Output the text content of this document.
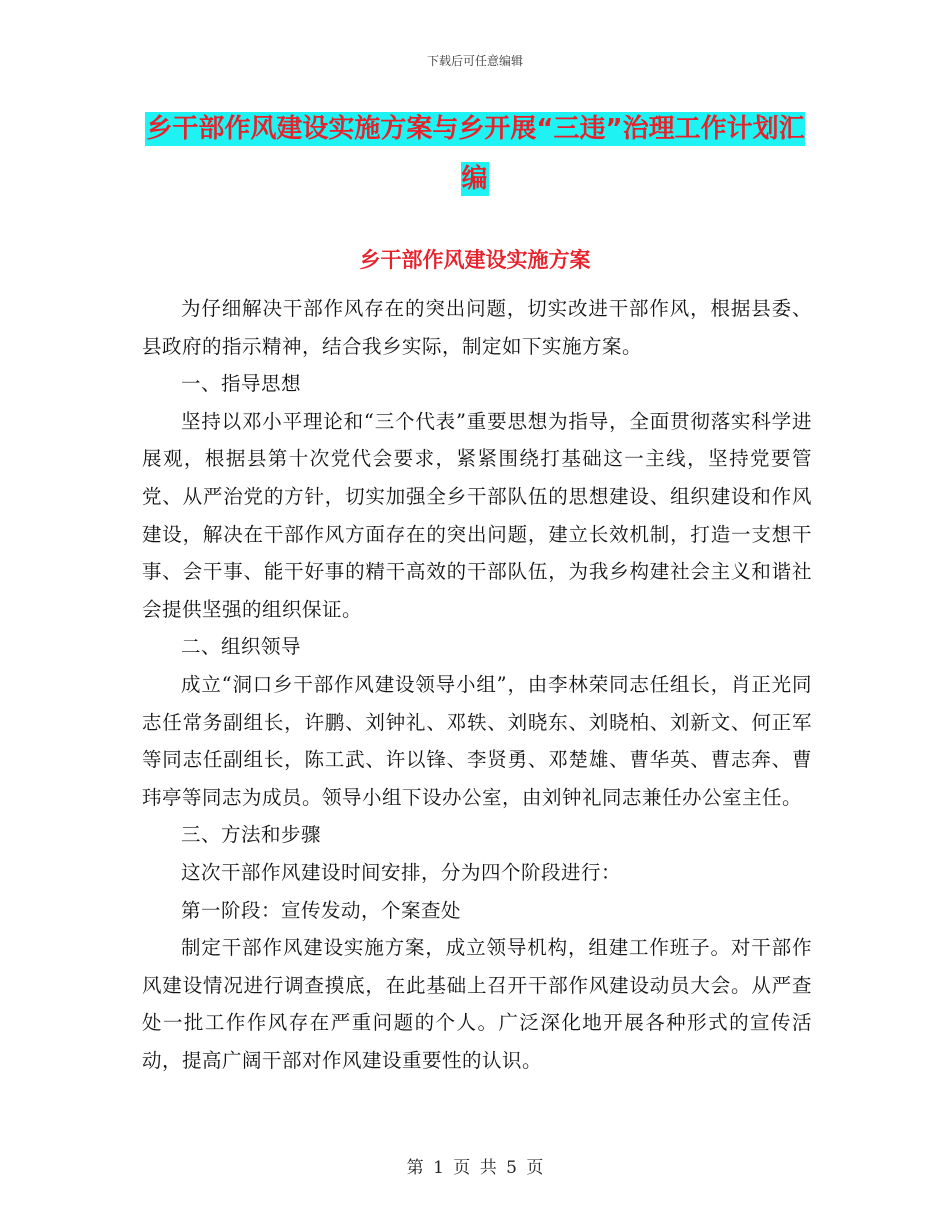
下载后可任意编辑
乡干部作风建设实施方案与乡开展“三违”治理工作计划汇编
乡干部作风建设实施方案

为仔细解决干部作风存在的突出问题，切实改进干部作风，根据县委、县政府的指示精神，结合我乡实际，制定如下实施方案。

一、指导思想

坚持以邓小平理论和“三个代表”重要思想为指导，全面贯彻落实科学进展观，根据县第十次党代会要求，紧紧围绕打基础这一主线，坚持党要管党、从严治党的方针，切实加强全乡干部队伍的思想建设、组织建设和作风建设，解决在干部作风方面存在的突出问题，建立长效机制，打造一支想干事、会干事、能干好事的精干高效的干部队伍，为我乡构建社会主义和谐社会提供坚强的组织保证。

二、组织领导

成立“洞口乡干部作风建设领导小组”，由李林荣同志任组长，肖正光同志任常务副组长，许鹏、刘钟礼、邓轶、刘晓东、刘晓柏、刘新文、何正军等同志任副组长，陈工武、许以锋、李贤勇、邓楚雄、曹华英、曹志奔、曹玮亭等同志为成员。领导小组下设办公室，由刘钟礼同志兼任办公室主任。

三、方法和步骤

这次干部作风建设时间安排，分为四个阶段进行：

第一阶段：宣传发动，个案查处

制定干部作风建设实施方案，成立领导机构，组建工作班子。对干部作风建设情况进行调查摸底，在此基础上召开干部作风建设动员大会。从严查处一批工作作风存在严重问题的个人。广泛深化地开展各种形式的宣传活动，提高广阔干部对作风建设重要性的认识。

第 1 页 共 5 页
